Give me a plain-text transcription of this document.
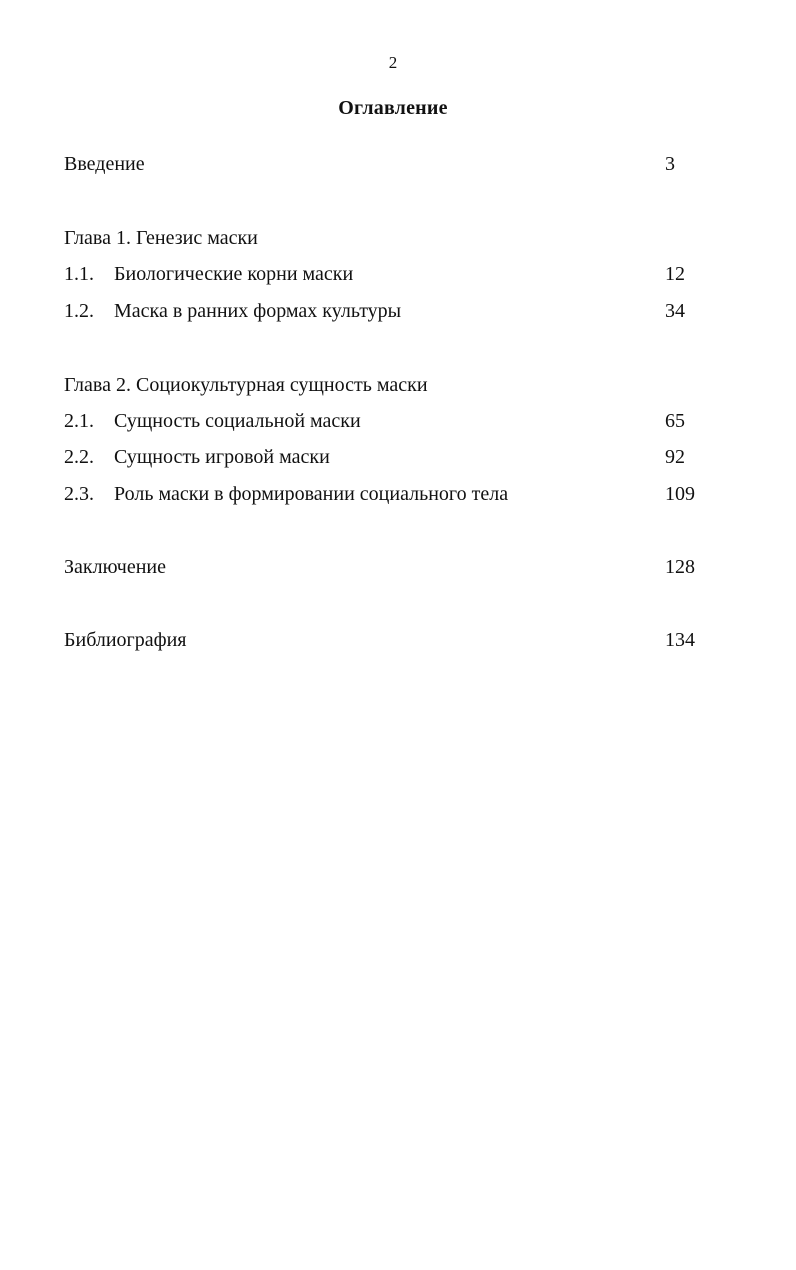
2
Оглавление
Введение	3
Глава 1. Генезис маски
1.1. Биологические корни маски	12
1.2. Маска в ранних формах культуры	34
Глава 2. Социокультурная сущность маски
2.1. Сущность социальной маски	65
2.2. Сущность игровой маски	92
2.3. Роль маски в формировании социального тела	109
Заключение	128
Библиография	134
